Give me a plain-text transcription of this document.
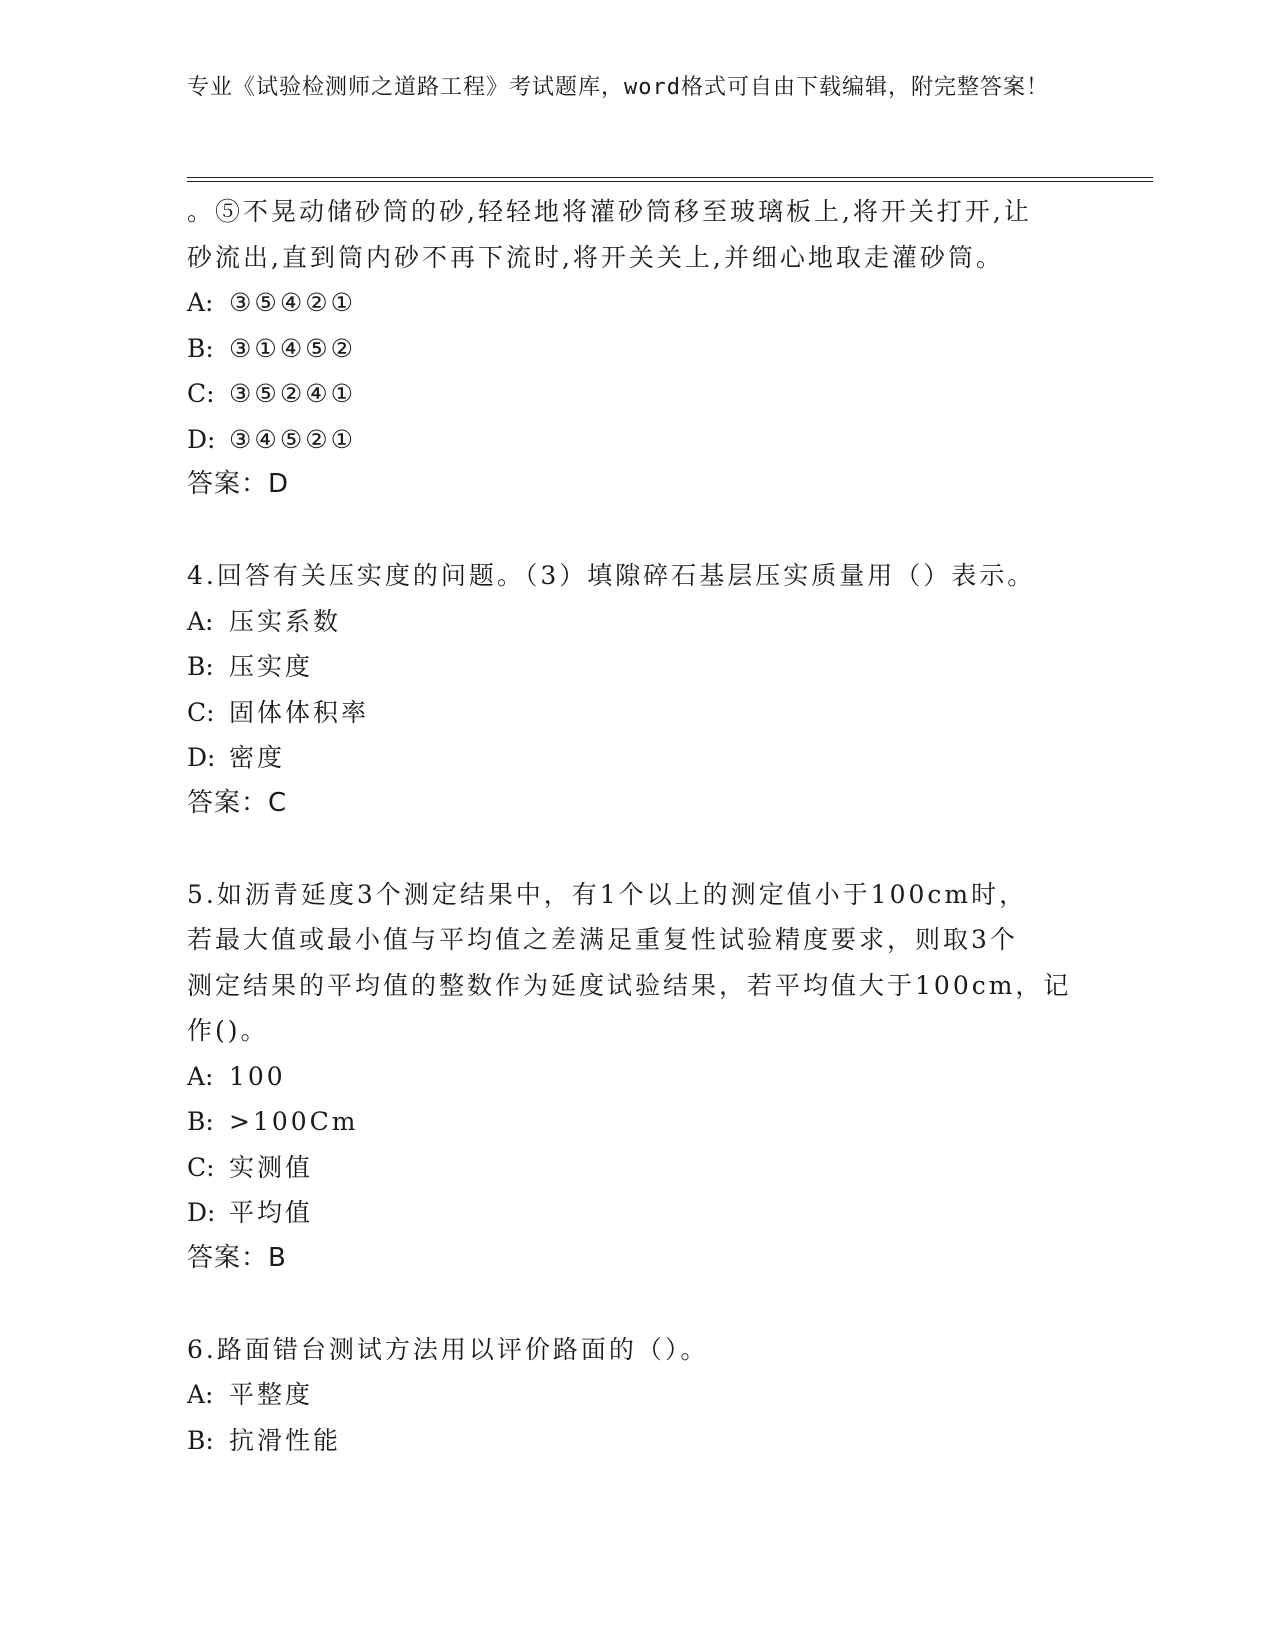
专业《试验检测师之道路工程》考试题库，word格式可自由下载编辑，附完整答案！
。⑤不晃动储砂筒的砂,轻轻地将灌砂筒移至玻璃板上,将开关打开,让
砂流出,直到筒内砂不再下流时,将开关关上,并细心地取走灌砂筒。
A: ③⑤④②①
B: ③①④⑤②
C: ③⑤②④①
D: ③④⑤②①
答案：D
4.回答有关压实度的问题。（3）填隙碎石基层压实质量用（）表示。
A: 压实系数
B: 压实度
C: 固体体积率
D: 密度
答案：C
5.如沥青延度3个测定结果中，有1个以上的测定值小于100cm时，
若最大值或最小值与平均值之差满足重复性试验精度要求，则取3个
测定结果的平均值的整数作为延度试验结果，若平均值大于100cm，记
作()。
A: 100
B: >100Cm
C: 实测值
D: 平均值
答案：B
6.路面错台测试方法用以评价路面的（）。
A: 平整度
B: 抗滑性能
